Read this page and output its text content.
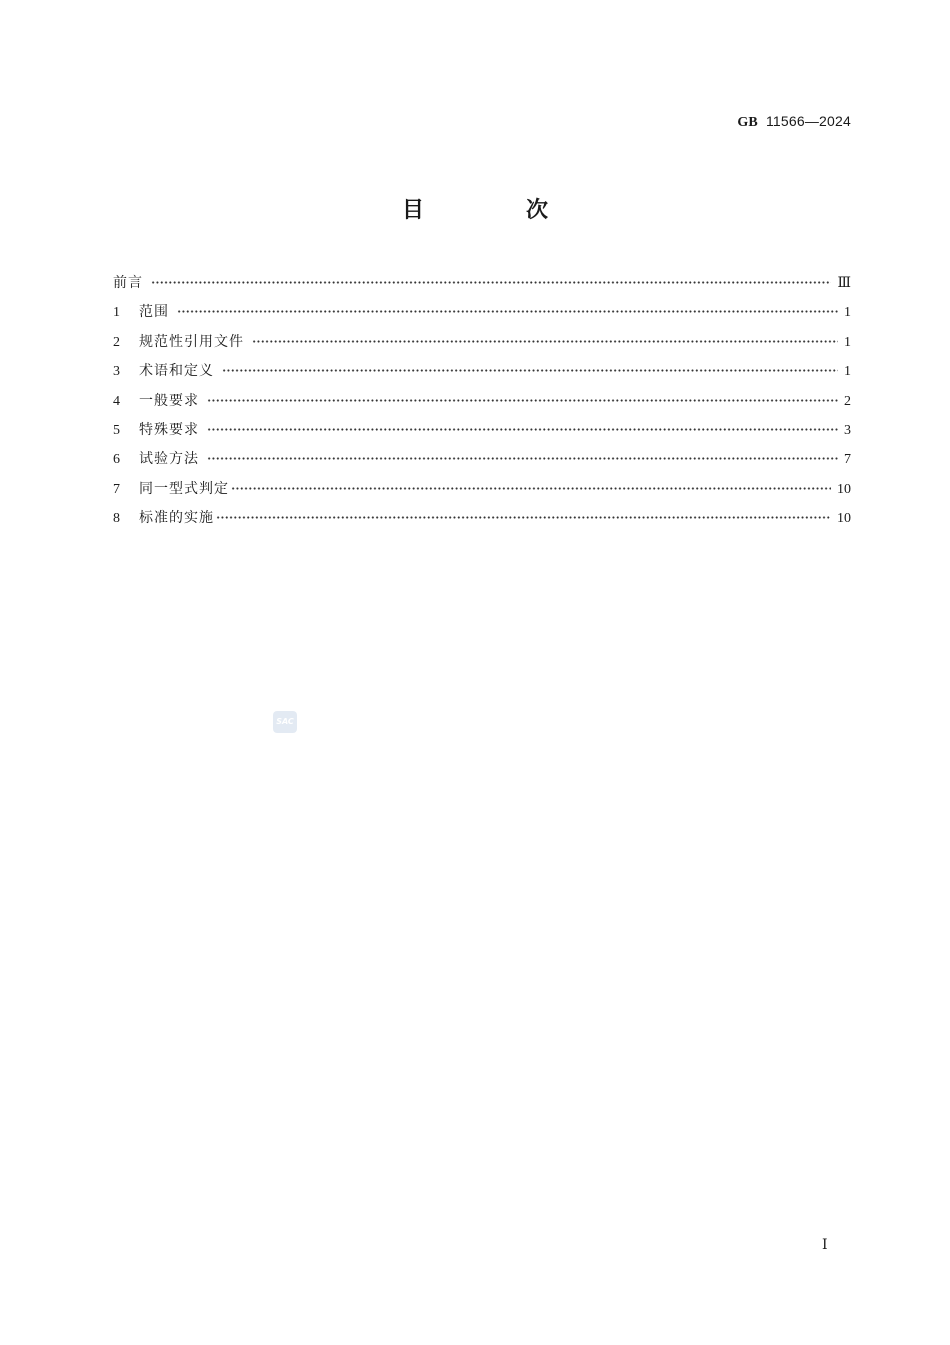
GB 11566—2024
目　次
前言	Ⅲ
1	范围	1
2	规范性引用文件	1
3	术语和定义	1
4	一般要求	2
5	特殊要求	3
6	试验方法	7
7	同一型式判定	10
8	标准的实施	10
SAC
Ⅰ
